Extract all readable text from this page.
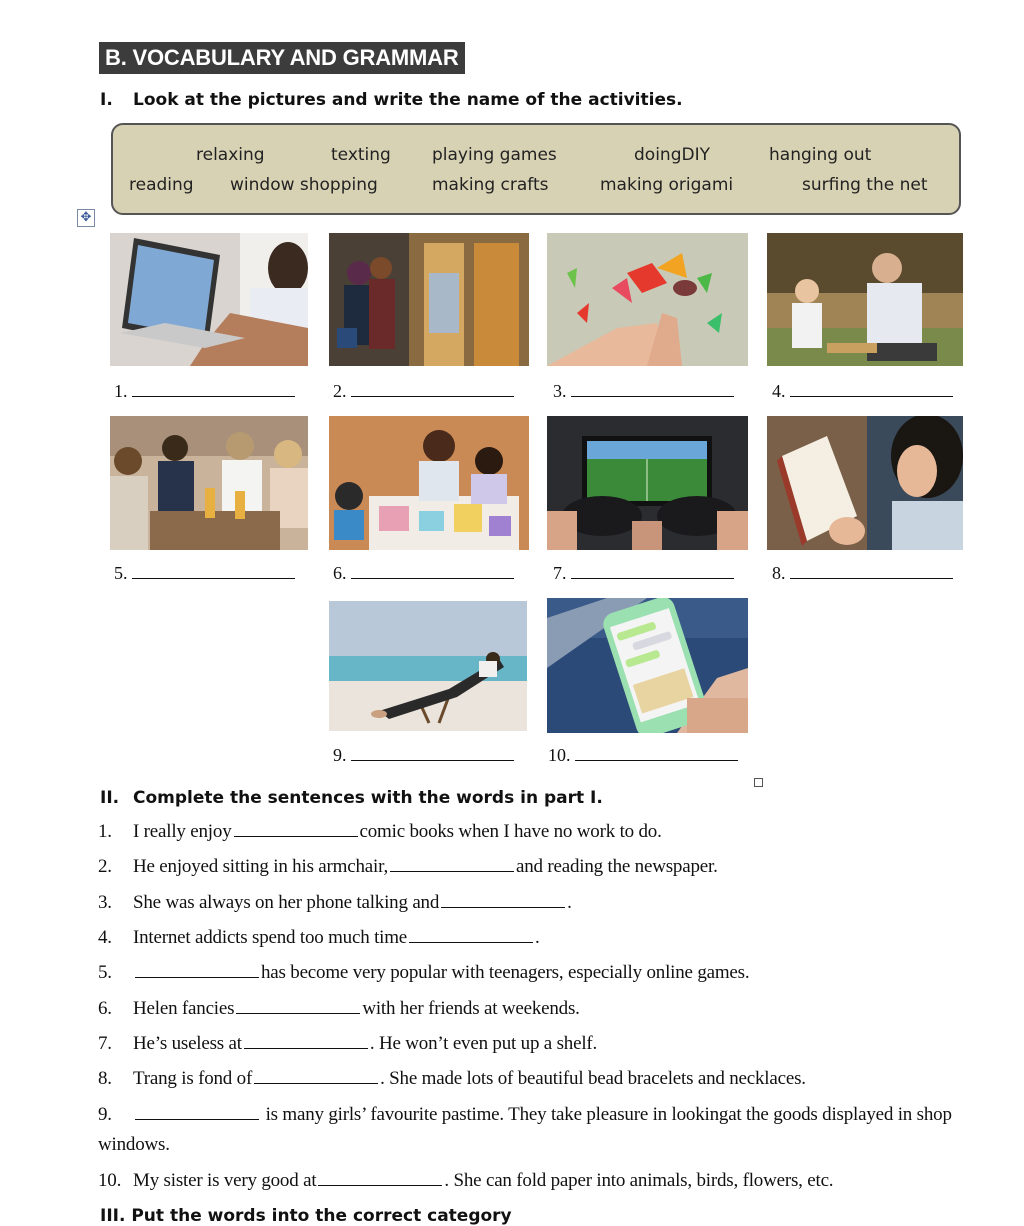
B. VOCABULARY AND GRAMMAR
I. Look at the pictures and write the name of the activities.
relaxing	texting playing games	doingDIY	hanging out
reading window shopping	making crafts	making origami	surfing the net
✥
1.	2.	3.	4.
5.	6.	7.	8.
9.	10.
II. Complete the sentences with the words in part I.
1. I really enjoy	comic books when I have no work to do.
2. He enjoyed sitting in his armchair,	and reading the newspaper.
3. She was always on her phone talking and	.
4. Internet addicts spend too much time	.
5.	has become very popular with teenagers, especially online games.
6. Helen fancies	with her friends at weekends.
7. He’s useless at	. He won’t even put up a shelf.
8. Trang is fond of	. She made lots of beautiful bead bracelets and necklaces.
9.	is many girls’ favourite pastime. They take pleasure in lookingat the goods displayed in shop windows.
10. My sister is very good at	. She can fold paper into animals, birds, flowers, etc.
III. Put the words into the correct category
